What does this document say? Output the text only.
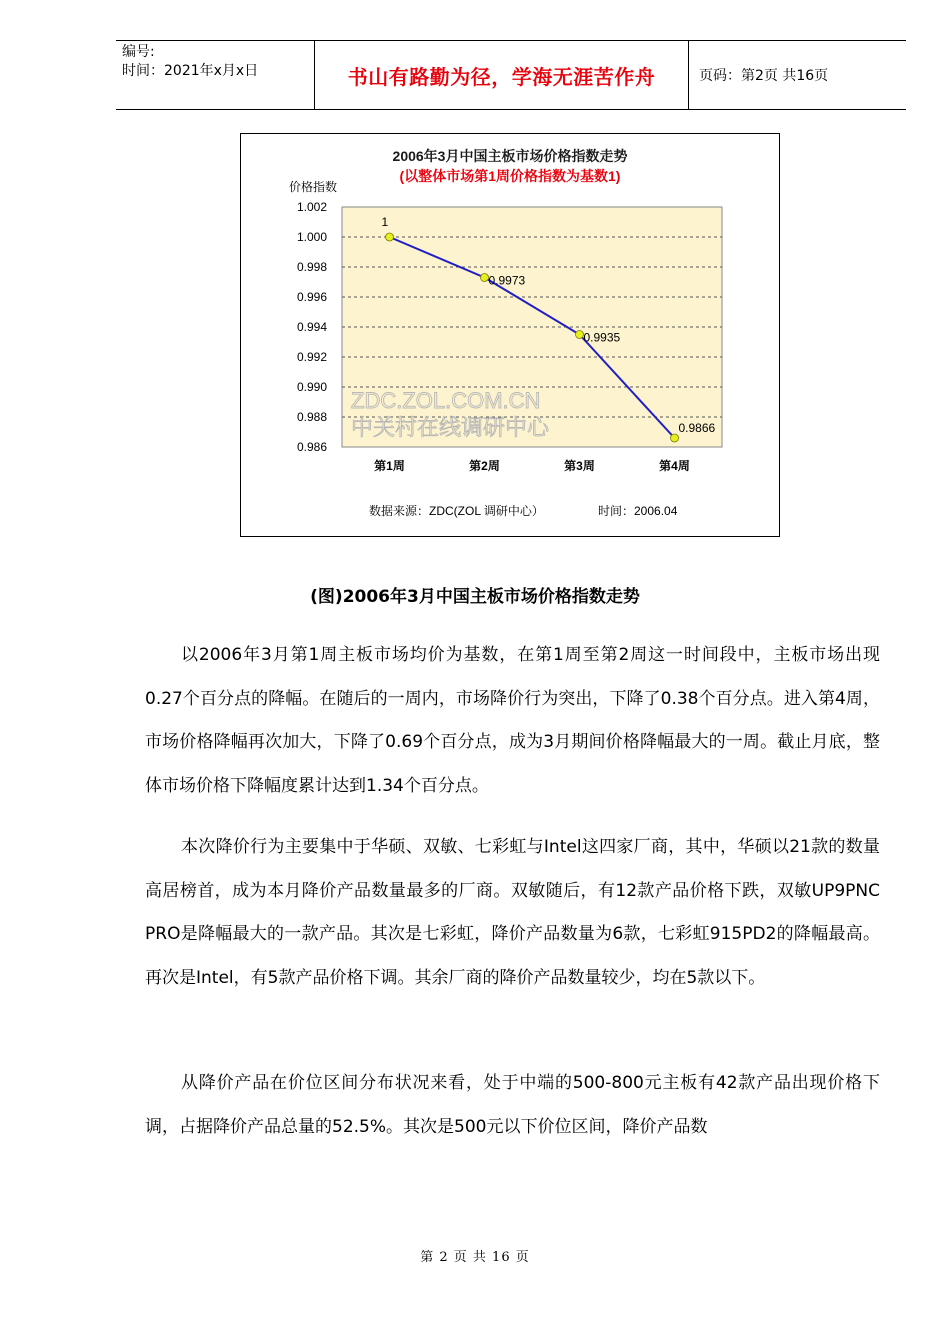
编号:
时间：2021年x月x日	书山有路勤为径，学海无涯苦作舟	页码：第2页 共16页
2006年3月中国主板市场价格指数走势
(以整体市场第1周价格指数为基数1)
价格指数
1.002
1.000
0.998
0.996
0.994
0.992
0.990
0.988
0.986
ZDC.ZOL.COM.CN
中关村在线调研中心
1
0.9973
0.9935
0.9866
第1周	第2周	第3周	第4周
数据来源：ZDC(ZOL 调研中心）	时间：2006.04
(图)2006年3月中国主板市场价格指数走势
以2006年3月第1周主板市场均价为基数，在第1周至第2周这一时间段中，主板市场出现0.27个百分点的降幅。在随后的一周内，市场降价行为突出，下降了0.38个百分点。进入第4周，市场价格降幅再次加大，下降了0.69个百分点，成为3月期间价格降幅最大的一周。截止月底，整体市场价格下降幅度累计达到1.34个百分点。
本次降价行为主要集中于华硕、双敏、七彩虹与Intel这四家厂商，其中，华硕以21款的数量高居榜首，成为本月降价产品数量最多的厂商。双敏随后，有12款产品价格下跌，双敏UP9PNC PRO是降幅最大的一款产品。其次是七彩虹，降价产品数量为6款，七彩虹915PD2的降幅最高。再次是Intel，有5款产品价格下调。其余厂商的降价产品数量较少，均在5款以下。
从降价产品在价位区间分布状况来看，处于中端的500-800元主板有42款产品出现价格下调，占据降价产品总量的52.5%。其次是500元以下价位区间，降价产品数
第 2 页 共 16 页
